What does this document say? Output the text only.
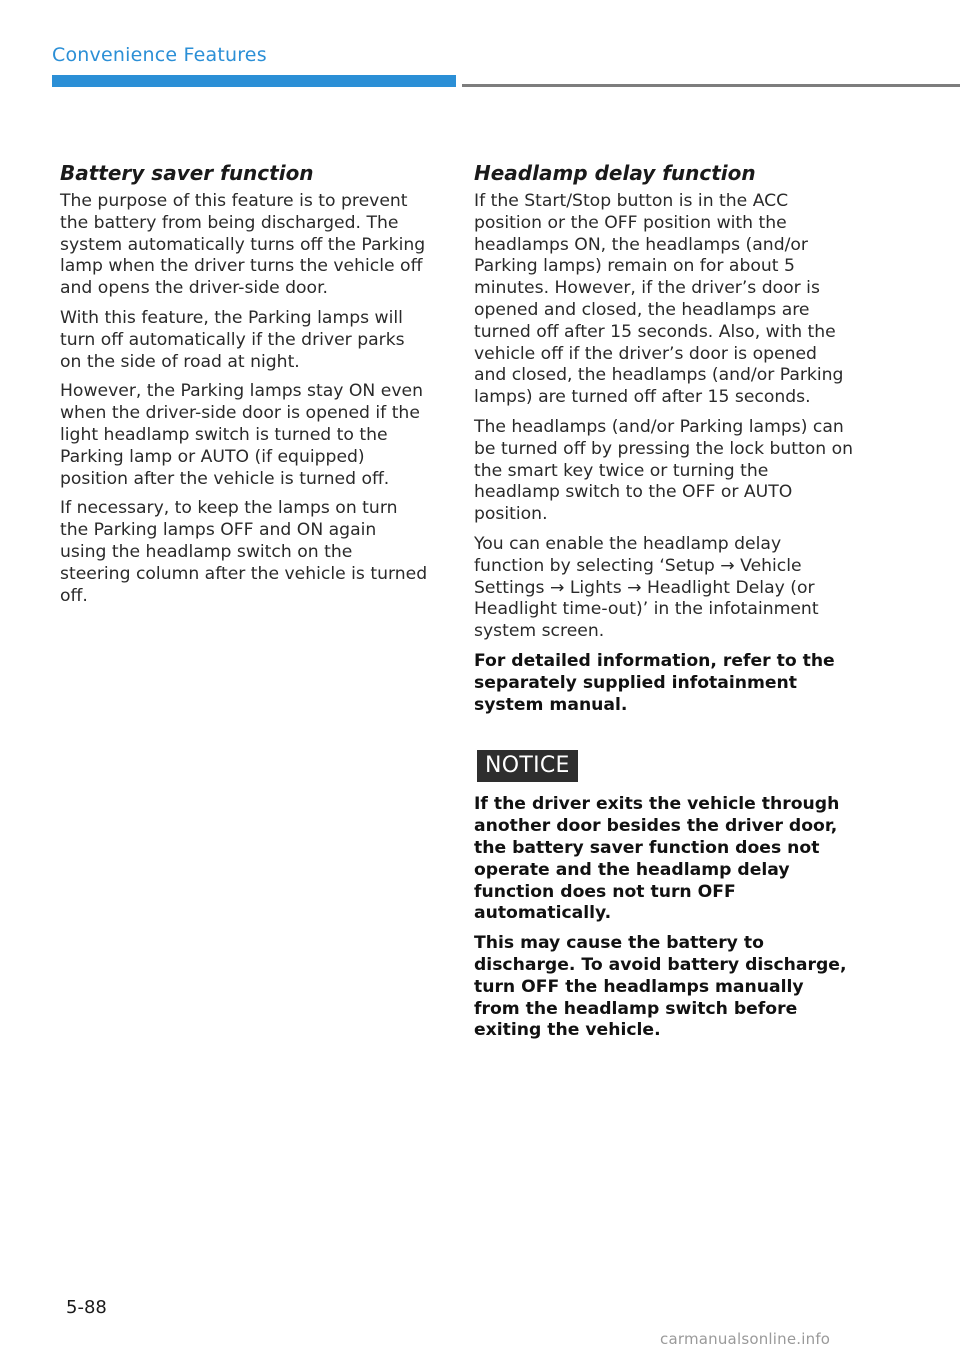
Convenience Features
Battery saver function

The purpose of this feature is to prevent the battery from being discharged. The system automatically turns off the Parking lamp when the driver turns the vehicle off and opens the driver-side door.

With this feature, the Parking lamps will turn off automatically if the driver parks on the side of road at night.

However, the Parking lamps stay ON even when the driver-side door is opened if the light headlamp switch is turned to the Parking lamp or AUTO (if equipped) position after the vehicle is turned off.

If necessary, to keep the lamps on turn the Parking lamps OFF and ON again using the headlamp switch on the steering column after the vehicle is turned off.

Headlamp delay function

If the Start/Stop button is in the ACC position or the OFF position with the headlamps ON, the headlamps (and/or Parking lamps) remain on for about 5 minutes. However, if the driver’s door is opened and closed, the headlamps are turned off after 15 seconds. Also, with the vehicle off if the driver’s door is opened and closed, the headlamps (and/or Parking lamps) are turned off after 15 seconds.

The headlamps (and/or Parking lamps) can be turned off by pressing the lock button on the smart key twice or turning the headlamp switch to the OFF or AUTO position.

You can enable the headlamp delay function by selecting ‘Setup → Vehicle Settings → Lights → Headlight Delay (or Headlight time-out)’ in the infotainment system screen.

For detailed information, refer to the separately supplied infotainment system manual.

NOTICE

If the driver exits the vehicle through another door besides the driver door, the battery saver function does not operate and the headlamp delay function does not turn OFF automatically.

This may cause the battery to discharge. To avoid battery discharge, turn OFF the headlamps manually from the headlamp switch before exiting the vehicle.

5-88
carmanualsonline.info
